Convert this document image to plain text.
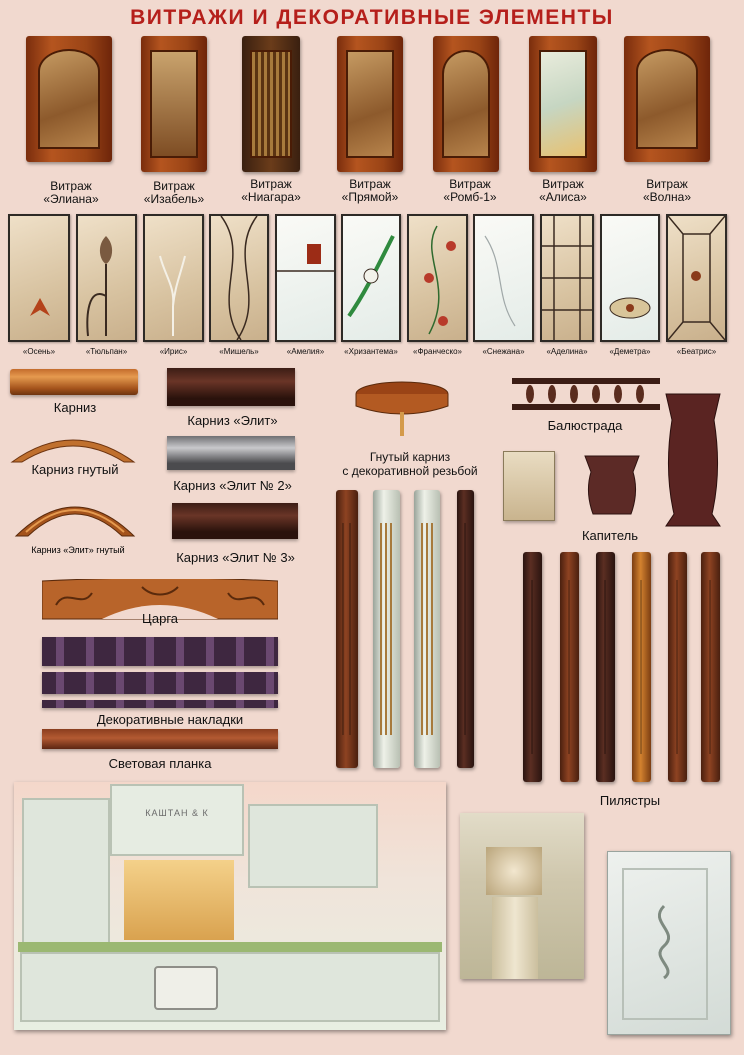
ВИТРАЖИ И ДЕКОРАТИВНЫЕ ЭЛЕМЕНТЫ
Витраж
«Элиана»
Витраж
«Изабель»
Витраж
«Ниагара»
Витраж
«Прямой»
Витраж
«Ромб-1»
Витраж
«Алиса»
Витраж
«Волна»
«Осень»	«Тюльпан»	«Ирис»	«Мишель»	«Амелия»	«Хризантема»	«Франческо»	«Снежана»	«Аделина»	«Деметра»	«Беатрис»
Карниз
Карниз гнутый
Карниз «Элит» гнутый
Карниз «Элит»
Карниз «Элит № 2»
Карниз «Элит № 3»
Гнутый карниз
с декоративной резьбой
Балюстрада
Капитель
Царга
Декоративные накладки
Световая планка
Пилястры
КАШТАН & К
